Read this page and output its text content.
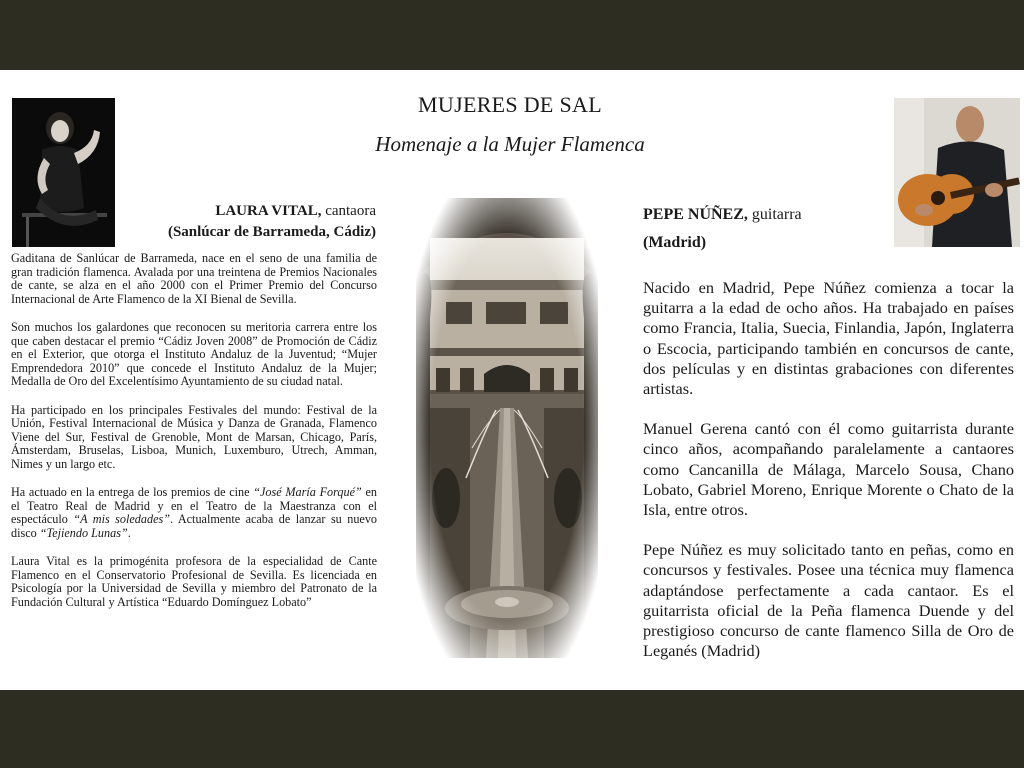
MUJERES DE SAL
Homenaje a la Mujer Flamenca
LAURA VITAL, cantaora
(Sanlúcar de Barrameda, Cádiz)
PEPE NÚÑEZ, guitarra
(Madrid)

Gaditana de Sanlúcar de Barrameda, nace en el seno de una familia de gran tradición flamenca. Avalada por una treintena de Premios Nacionales de cante, se alza en el año 2000 con el Primer Premio del Concurso Internacional de Arte Flamenco de la XI Bienal de Sevilla.

Son muchos los galardones que reconocen su meritoria carrera entre los que caben destacar el premio “Cádiz Joven 2008” de Promoción de Cádiz en el Exterior, que otorga el Instituto Andaluz de la Juventud; “Mujer Emprendedora 2010” que concede el Instituto Andaluz de la Mujer; Medalla de Oro del Excelentísimo Ayuntamiento de su ciudad natal.

Ha participado en los principales Festivales del mundo: Festival de la Unión, Festival Internacional de Música y Danza de Granada, Flamenco Viene del Sur, Festival de Grenoble, Mont de Marsan, Chicago, París, Ámsterdam, Bruselas, Lisboa, Munich, Luxemburo, Utrech, Amman, Nimes y un largo etc.

Ha actuado en la entrega de los premios de cine “José María Forqué” en el Teatro Real de Madrid y en el Teatro de la Maestranza con el espectáculo “A mis soledades”. Actualmente acaba de lanzar su nuevo disco “Tejiendo Lunas”.

Laura Vital es la primogénita profesora de la especialidad de Cante Flamenco en el Conservatorio Profesional de Sevilla. Es licenciada en Psicología por la Universidad de Sevilla y miembro del Patronato de la Fundación Cultural y Artística “Eduardo Domínguez Lobato”

Nacido en Madrid, Pepe Núñez comienza a tocar la guitarra a la edad de ocho años. Ha trabajado en países como Francia, Italia, Suecia, Finlandia, Japón, Inglaterra o Escocia, participando también en concursos de cante, dos películas y en distintas grabaciones con diferentes artistas.

Manuel Gerena cantó con él como guitarrista durante cinco años, acompañando paralelamente a cantaores como Cancanilla de Málaga, Marcelo Sousa, Chano Lobato, Gabriel Moreno, Enrique Morente o Chato de la Isla, entre otros.

Pepe Núñez es muy solicitado tanto en peñas, como en concursos y festivales. Posee una técnica muy flamenca adaptándose perfectamente a cada cantaor. Es el guitarrista oficial de la Peña flamenca Duende y del prestigioso concurso de cante flamenco Silla de Oro de Leganés (Madrid)
